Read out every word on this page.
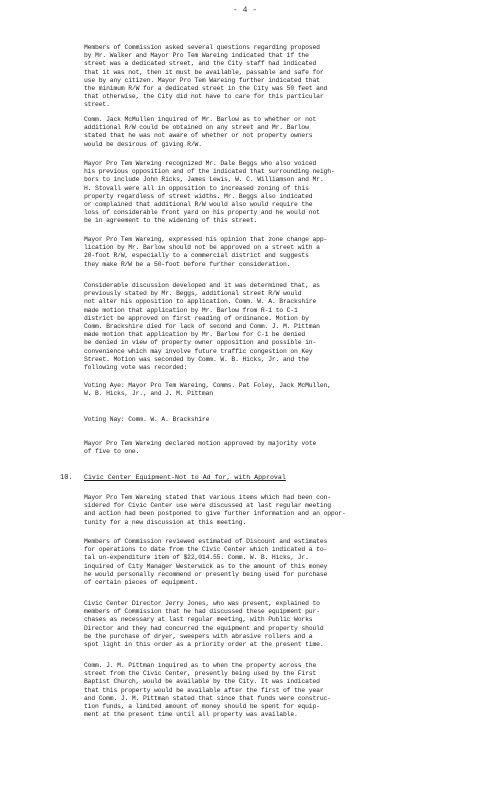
- 4 -
Members of Commission asked several questions regarding proposed
by Mr. Walker and Mayor Pro Tem Wareing indicated that if the
street was a dedicated street, and the City staff had indicated
that it was not, then it must be available, passable and safe for
use by any citizen. Mayor Pro Tem Wareing further indicated that
the minimum R/W for a dedicated street in the City was 50 feet and
that otherwise, the City did not have to care for this particular
street.
Comm. Jack McMullen inquired of Mr. Barlow as to whether or not
additional R/W could be obtained on any street and Mr. Barlow
stated that he was not aware of whether or not property owners
would be desirous of giving R/W.
Mayor Pro Tem Wareing recognized Mr. Dale Beggs who also voiced
his previous opposition and of the indicated that surrounding neigh-
bors to include John Ricks, James Lewis, W. C. Williamson and Mr.
H. Stovall were all in opposition to increased zoning of this
property regardless of street widths. Mr. Beggs also indicated
or complained that additional R/W would also would require the
loss of considerable front yard on his property and he would not
be in agreement to the widening of this street.
Mayor Pro Tem Wareing, expressed his opinion that zone change app-
lication by Mr. Barlow should not be approved on a street with a
20-foot R/W, especially to a commercial district and suggests
they make R/W be a 50-foot before further consideration.
Considerable discussion developed and it was determined that, as
previously stated by Mr. Beggs, additional street R/W would
not alter his opposition to application. Comm. W. A. Brackshire
made motion that application by Mr. Barlow from R-1 to C-1
district be approved on first reading of ordinance. Motion by
Comm. Brackshire died for lack of second and Comm. J. M. Pittman
made motion that application by Mr. Barlow for C-1 be denied
be denied in view of property owner opposition and possible in-
convenience which may involve future traffic congestion on Key
Street. Motion was seconded by Comm. W. B. Hicks, Jr. and the
following vote was recorded:
Voting Aye: Mayor Pro Tem Wareing, Comms. Pat Foley, Jack McMullen,
W. B. Hicks, Jr., and J. M. Pittman
Voting Nay: Comm. W. A. Brackshire
Mayor Pro Tem Wareing declared motion approved by majority vote
of five to one.
10. Civic Center Equipment-Not to Ad for, with Approval
Mayor Pro Tem Wareing stated that various items which had been con-
sidered for Civic Center use were discussed at last regular meeting
and action had been postponed to give further information and an oppor-
tunity for a new discussion at this meeting.
Members of Commission reviewed estimated of Discount and estimates
for operations to date from the Civic Center which indicated a to-
tal un-expenditure item of $22,014.55. Comm. W. B. Hicks, Jr.
inquired of City Manager Westerwick as to the amount of this money
he would personally recommend or presently being used for purchase
of certain pieces of equipment.
Civic Center Director Jerry Jones, who was present, explained to
members of Commission that he had discussed these equipment pur-
chases as necessary at last regular meeting, with Public Works
Director and they had concurred the equipment and property should
be the purchase of dryer, sweepers with abrasive rollers and a
spot light in this order as a priority order at the present time.
Comm. J. M. Pittman inquired as to when the property across the
street from the Civic Center, presently being used by the First
Baptist Church, would be available by the City. It was indicated
that this property would be available after the first of the year
and Comm. J. M. Pittman stated that since that funds were construc-
tion funds, a limited amount of money should be spent for equip-
ment at the present time until all property was available.
